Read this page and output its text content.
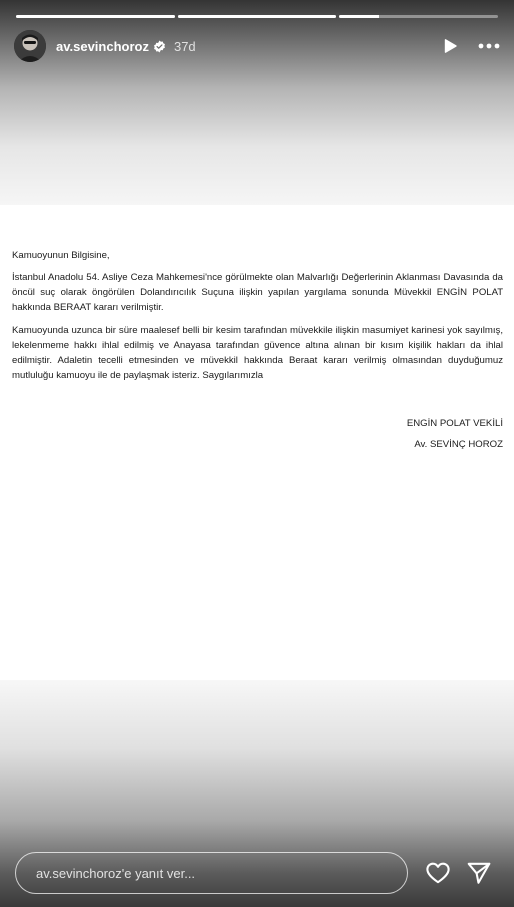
av.sevinchoroz 37d

Kamuoyunun Bilgisine,

İstanbul Anadolu 54. Asliye Ceza Mahkemesi'nce görülmekte olan Malvarlığı Değerlerinin Aklanması Davasında da öncül suç olarak öngörülen Dolandırıcılık Suçuna ilişkin yapılan yargılama sonunda Müvekkil ENGİN POLAT hakkında BERAAT kararı verilmiştir.

Kamuoyunda uzunca bir süre maalesef belli bir kesim tarafından müvekkile ilişkin masumiyet karinesi yok sayılmış, lekelenmeme hakkı ihlal edilmiş ve Anayasa tarafından güvence altına alınan bir kısım kişilik hakları da ihlal edilmiştir. Adaletin tecelli etmesinden ve müvekkil hakkında Beraat kararı verilmiş olmasından duyduğumuz mutluluğu kamuoyu ile de paylaşmak isteriz. Saygılarımızla

ENGİN POLAT VEKİLİ

Av. SEVİNÇ HOROZ

av.sevinchoroz'e yanıt ver...
